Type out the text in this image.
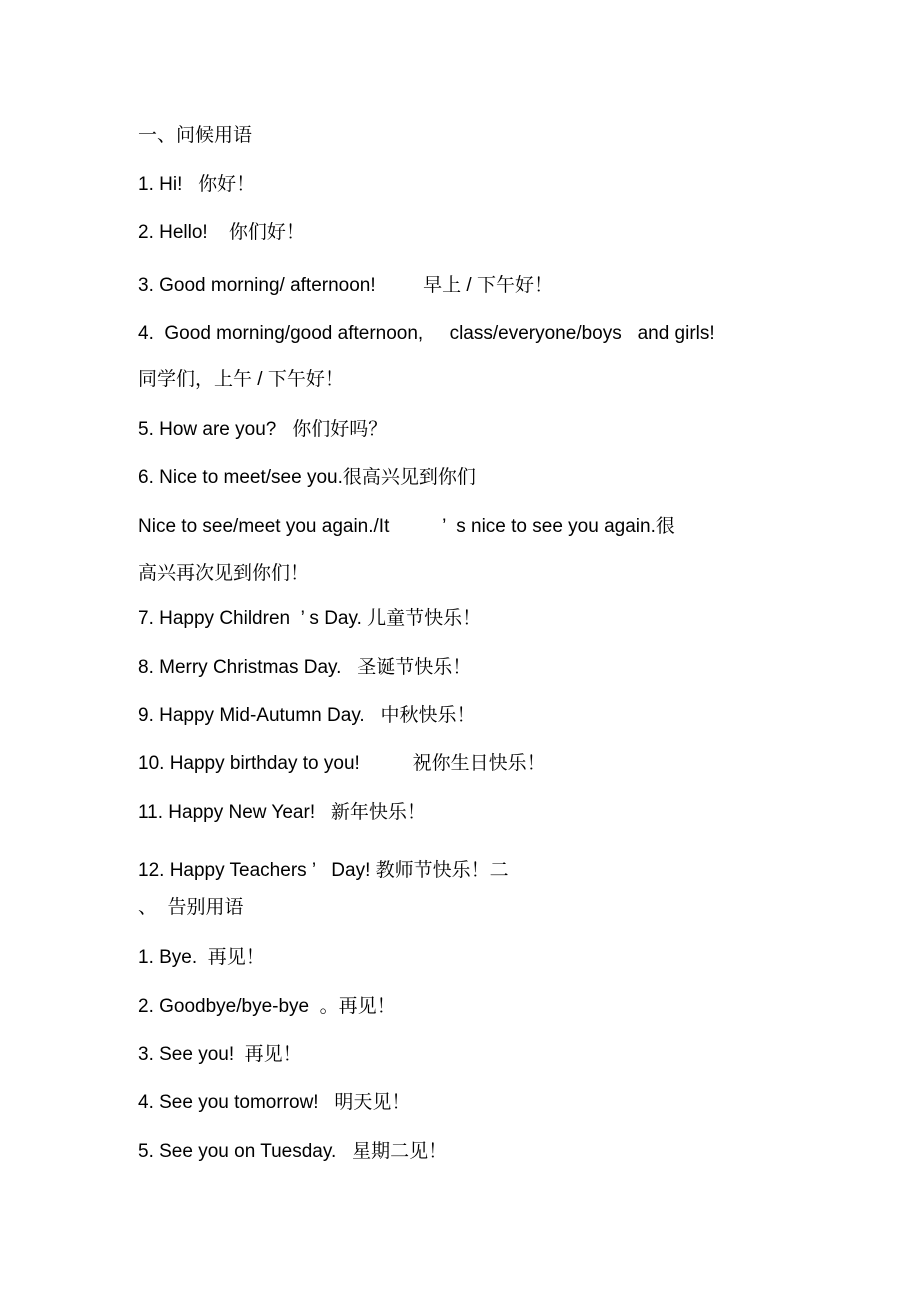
一、问候用语
1. Hi!   你好！
2. Hello!    你们好！
3. Good morning/ afternoon!         早上 / 下午好！
4.  Good morning/good afternoon,     class/everyone/boys   and girls!
同学们，上午 / 下午好！
5. How are you?   你们好吗？
6. Nice to meet/see you.很高兴见到你们
Nice to see/meet you again./It          ’  s nice to see you again.很
高兴再次见到你们！
7. Happy Children  ’ s Day. 儿童节快乐！
8. Merry Christmas Day.   圣诞节快乐！
9. Happy Mid-Autumn Day.   中秋快乐！
10. Happy birthday to you!          祝你生日快乐！
11. Happy New Year!   新年快乐！
12. Happy Teachers ’   Day! 教师节快乐！二
、  告别用语
1. Bye.  再见！
2. Goodbye/bye-bye  。再见！
3. See you!  再见！
4. See you tomorrow!   明天见！
5. See you on Tuesday.   星期二见！
